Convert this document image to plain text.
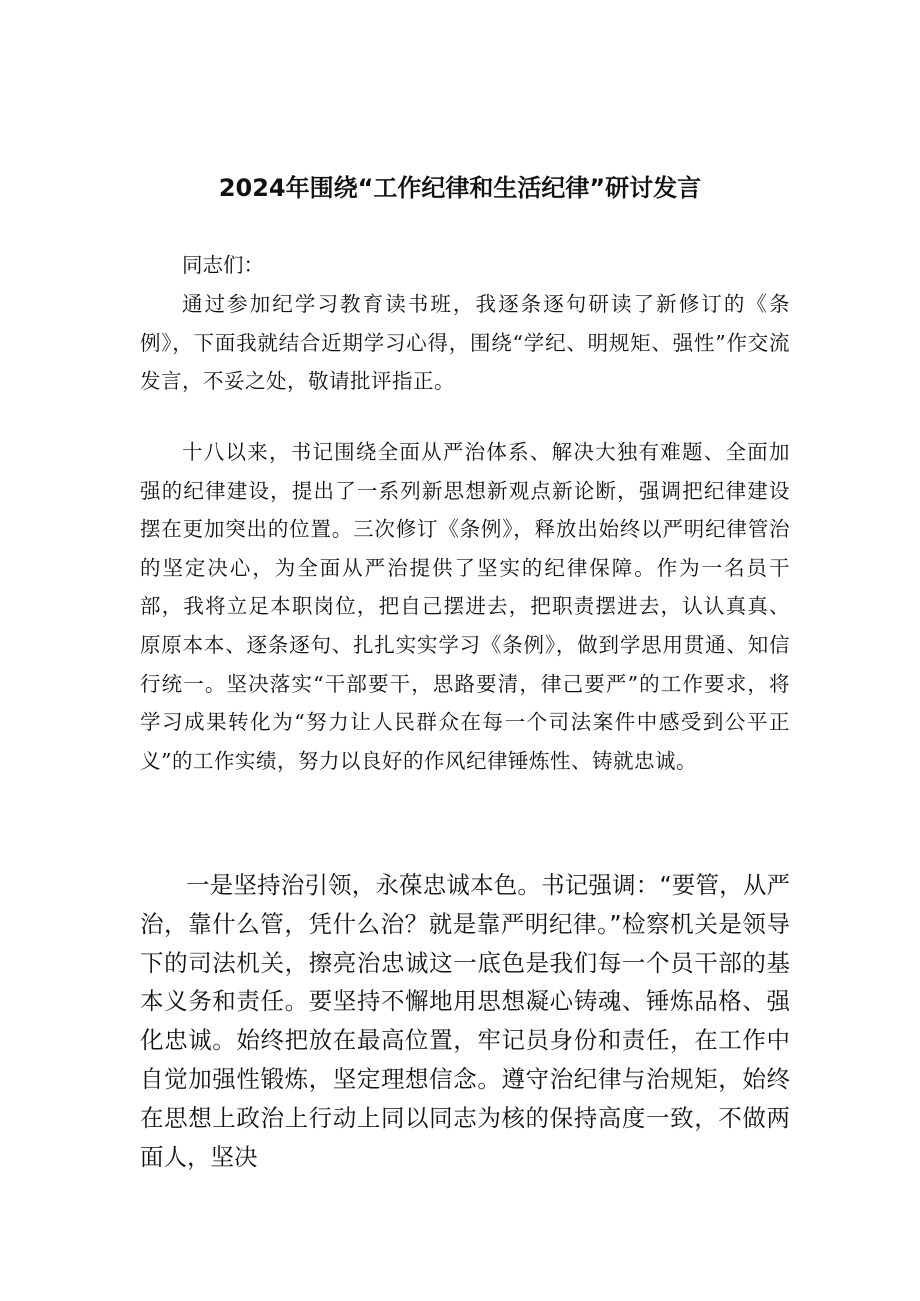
2024年围绕“工作纪律和生活纪律”研讨发言

同志们：

通过参加纪学习教育读书班，我逐条逐句研读了新修订的《条例》，下面我就结合近期学习心得，围绕“学纪、明规矩、强性”作交流发言，不妥之处，敬请批评指正。

十八以来，书记围绕全面从严治体系、解决大独有难题、全面加强的纪律建设，提出了一系列新思想新观点新论断，强调把纪律建设摆在更加突出的位置。三次修订《条例》，释放出始终以严明纪律管治的坚定决心，为全面从严治提供了坚实的纪律保障。作为一名员干部，我将立足本职岗位，把自己摆进去，把职责摆进去，认认真真、原原本本、逐条逐句、扎扎实实学习《条例》，做到学思用贯通、知信行统一。坚决落实“干部要干，思路要清，律己要严”的工作要求，将学习成果转化为“努力让人民群众在每一个司法案件中感受到公平正义”的工作实绩，努力以良好的作风纪律锤炼性、铸就忠诚。

一是坚持治引领，永葆忠诚本色。书记强调：“要管，从严治，靠什么管，凭什么治？就是靠严明纪律。”检察机关是领导下的司法机关，擦亮治忠诚这一底色是我们每一个员干部的基本义务和责任。要坚持不懈地用思想凝心铸魂、锤炼品格、强化忠诚。始终把放在最高位置，牢记员身份和责任，在工作中自觉加强性锻炼，坚定理想信念。遵守治纪律与治规矩，始终在思想上政治上行动上同以同志为核的保持高度一致，不做两面人，坚决
